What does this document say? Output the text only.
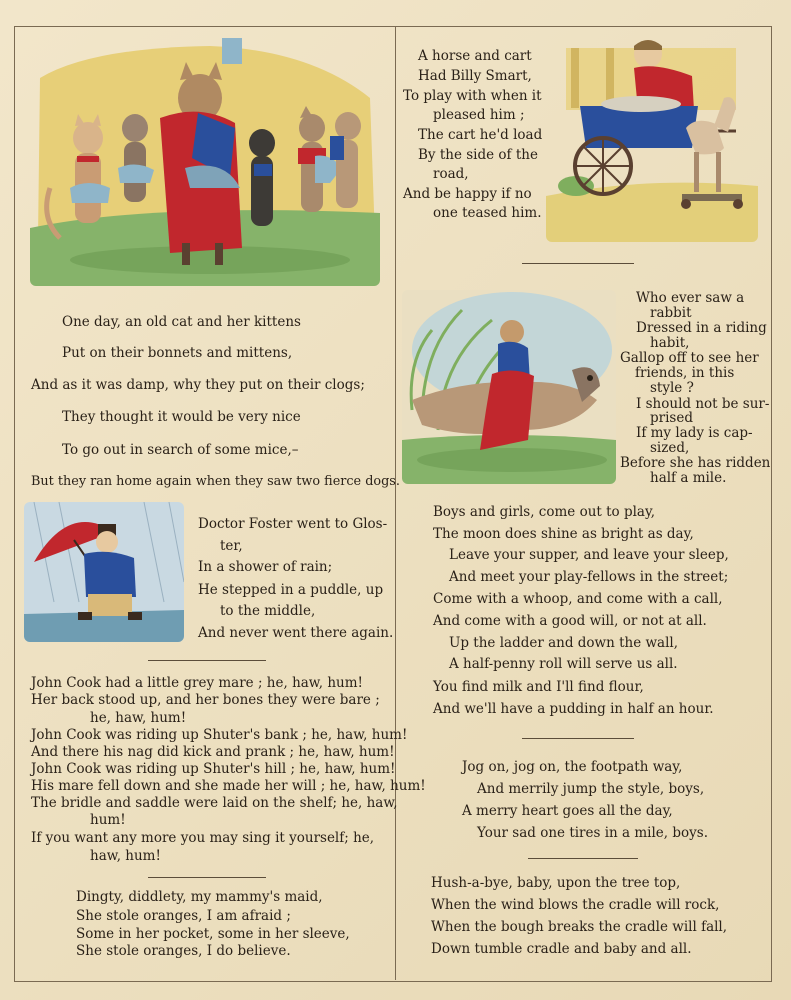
One day, an old cat and her kittens
Put on their bonnets and mittens,
And as it was damp, why they put on their clogs;
They thought it would be very nice
To go out in search of some mice,–
But they ran home again when they saw two fierce dogs.
Doctor Foster went to Glos-
ter,
In a shower of rain;
He stepped in a puddle, up
to the middle,
And never went there again.
John Cook had a little grey mare ; he, haw, hum!
Her back stood up, and her bones they were bare ;
he, haw, hum!
John Cook was riding up Shuter's bank ; he, haw, hum!
And there his nag did kick and prank ; he, haw, hum!
John Cook was riding up Shuter's hill ; he, haw, hum!
His mare fell down and she made her will ; he, haw, hum!
The bridle and saddle were laid on the shelf; he, haw,
hum!
If you want any more you may sing it yourself; he,
haw, hum!
Dingty, diddlety, my mammy's maid,
She stole oranges, I am afraid ;
Some in her pocket, some in her sleeve,
She stole oranges, I do believe.
A horse and cart
Had Billy Smart,
To play with when it
pleased him ;
The cart he'd load
By the side of the
road,
And be happy if no
one teased him.
Who ever saw a
rabbit
Dressed in a riding
habit,
Gallop off to see her
friends, in this
style ?
I should not be sur-
prised
If my lady is cap-
sized,
Before she has ridden
half a mile.
Boys and girls, come out to play,
The moon does shine as bright as day,
Leave your supper, and leave your sleep,
And meet your play-fellows in the street;
Come with a whoop, and come with a call,
And come with a good will, or not at all.
Up the ladder and down the wall,
A half-penny roll will serve us all.
You find milk and I'll find flour,
And we'll have a pudding in half an hour.
Jog on, jog on, the footpath way,
And merrily jump the style, boys,
A merry heart goes all the day,
Your sad one tires in a mile, boys.
Hush-a-bye, baby, upon the tree top,
When the wind blows the cradle will rock,
When the bough breaks the cradle will fall,
Down tumble cradle and baby and all.
